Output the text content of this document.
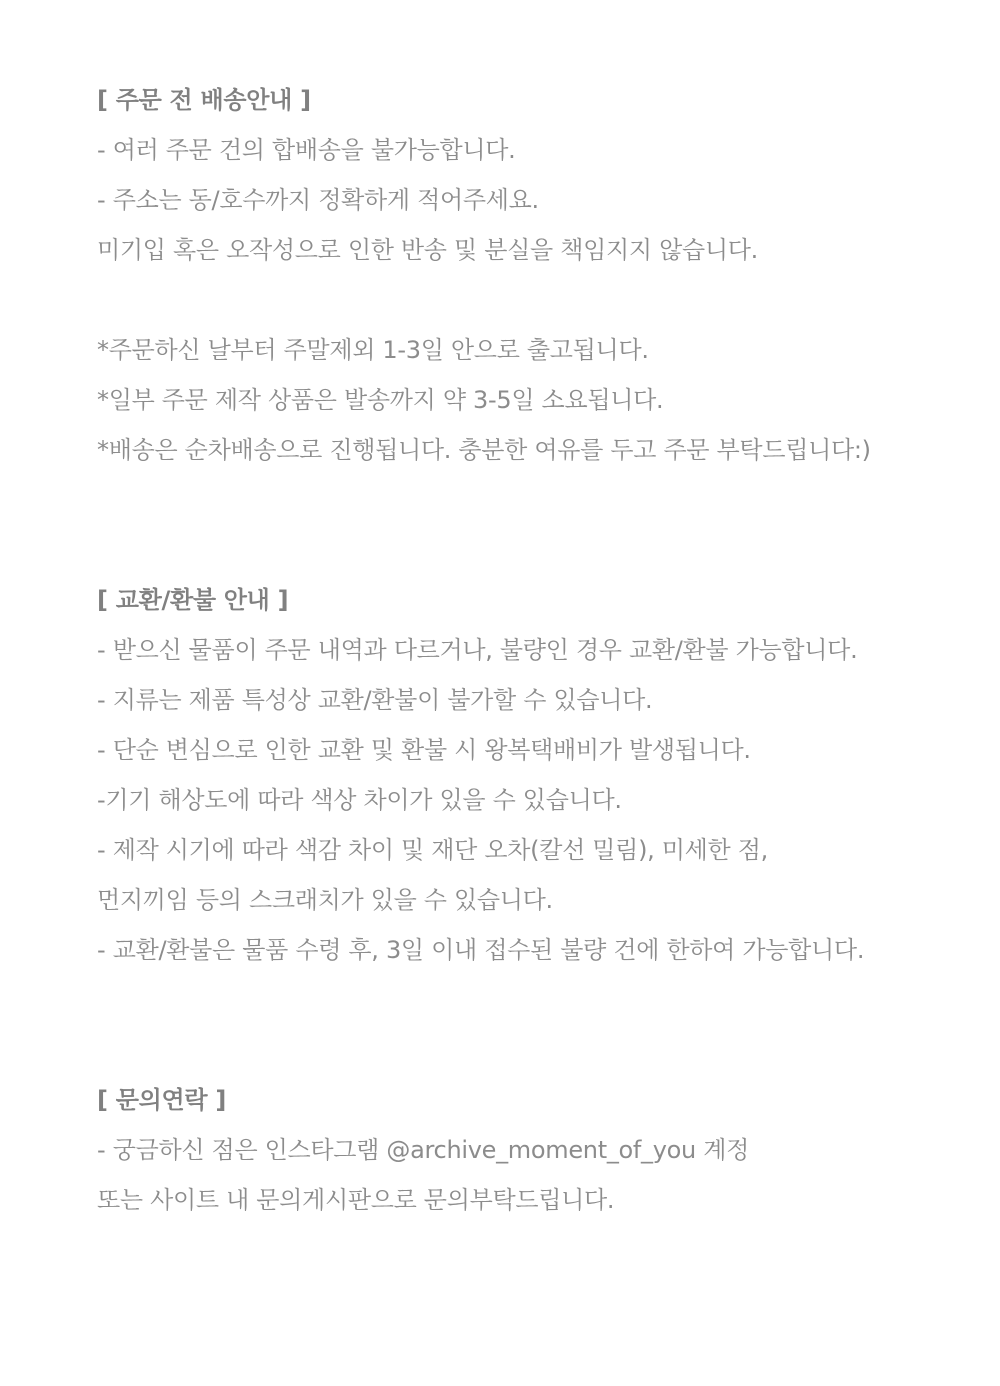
[ 주문 전 배송안내 ]
- 여러 주문 건의 합배송을 불가능합니다.
- 주소는 동/호수까지 정확하게 적어주세요.
미기입 혹은 오작성으로 인한 반송 및 분실을 책임지지 않습니다.
*주문하신 날부터 주말제외 1-3일 안으로 출고됩니다.
*일부 주문 제작 상품은 발송까지 약 3-5일 소요됩니다.
*배송은 순차배송으로 진행됩니다. 충분한 여유를 두고 주문 부탁드립니다:)
[ 교환/환불 안내 ]
- 받으신 물품이 주문 내역과 다르거나, 불량인 경우 교환/환불 가능합니다.
- 지류는 제품 특성상 교환/환불이 불가할 수 있습니다.
- 단순 변심으로 인한 교환 및 환불 시 왕복택배비가 발생됩니다.
-기기 해상도에 따라 색상 차이가 있을 수 있습니다.
- 제작 시기에 따라 색감 차이 및 재단 오차(칼선 밀림), 미세한 점,
먼지끼임 등의 스크래치가 있을 수 있습니다.
- 교환/환불은 물품 수령 후, 3일 이내 접수된 불량 건에 한하여 가능합니다.
[ 문의연락 ]
- 궁금하신 점은 인스타그램 @archive_moment_of_you 계정
또는 사이트 내 문의게시판으로 문의부탁드립니다.
